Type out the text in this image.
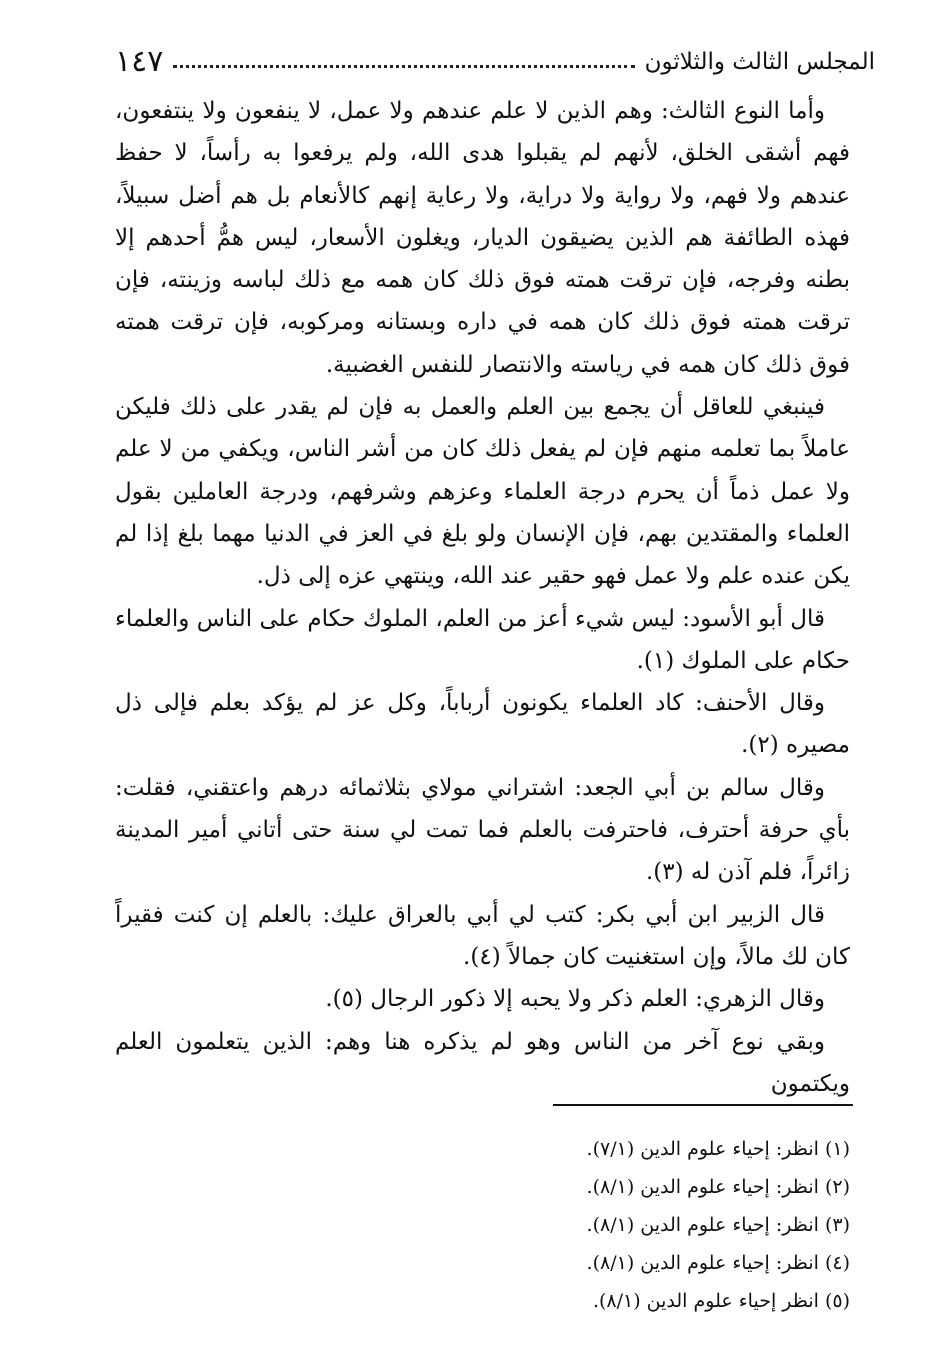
١٤٧	المجلس الثالث والثلاثون

وأما النوع الثالث: وهم الذين لا علم عندهم ولا عمل، لا ينفعون ولا ينتفعون، فهم أشقى الخلق، لأنهم لم يقبلوا هدى الله، ولم يرفعوا به رأساً، لا حفظ عندهم ولا فهم، ولا رواية ولا دراية، ولا رعاية إنهم كالأنعام بل هم أضل سبيلاً، فهذه الطائفة هم الذين يضيقون الديار، ويغلون الأسعار، ليس همُّ أحدهم إلا بطنه وفرجه، فإن ترقت همته فوق ذلك كان همه مع ذلك لباسه وزينته، فإن ترقت همته فوق ذلك كان همه في داره وبستانه ومركوبه، فإن ترقت همته فوق ذلك كان همه في رياسته والانتصار للنفس الغضبية.

فينبغي للعاقل أن يجمع بين العلم والعمل به فإن لم يقدر على ذلك فليكن عاملاً بما تعلمه منهم فإن لم يفعل ذلك كان من أشر الناس، ويكفي من لا علم ولا عمل ذماً أن يحرم درجة العلماء وعزهم وشرفهم، ودرجة العاملين بقول العلماء والمقتدين بهم، فإن الإنسان ولو بلغ في العز في الدنيا مهما بلغ إذا لم يكن عنده علم ولا عمل فهو حقير عند الله، وينتهي عزه إلى ذل.

قال أبو الأسود: ليس شيء أعز من العلم، الملوك حكام على الناس والعلماء حكام على الملوك (١).

وقال الأحنف: كاد العلماء يكونون أرباباً، وكل عز لم يؤكد بعلم فإلى ذل مصيره (٢).

وقال سالم بن أبي الجعد: اشتراني مولاي بثلاثمائه درهم واعتقني، فقلت: بأي حرفة أحترف، فاحترفت بالعلم فما تمت لي سنة حتى أتاني أمير المدينة زائراً، فلم آذن له (٣).

قال الزبير ابن أبي بكر: كتب لي أبي بالعراق عليك: بالعلم إن كنت فقيراً كان لك مالاً، وإن استغنيت كان جمالاً (٤).

وقال الزهري: العلم ذكر ولا يحبه إلا ذكور الرجال (٥).

وبقي نوع آخر من الناس وهو لم يذكره هنا وهم: الذين يتعلمون العلم ويكتمون

(١) انظر: إحياء علوم الدين (٧/١).
(٢) انظر: إحياء علوم الدين (٨/١).
(٣) انظر: إحياء علوم الدين (٨/١).
(٤) انظر: إحياء علوم الدين (٨/١).
(٥) انظر إحياء علوم الدين (٨/١).
